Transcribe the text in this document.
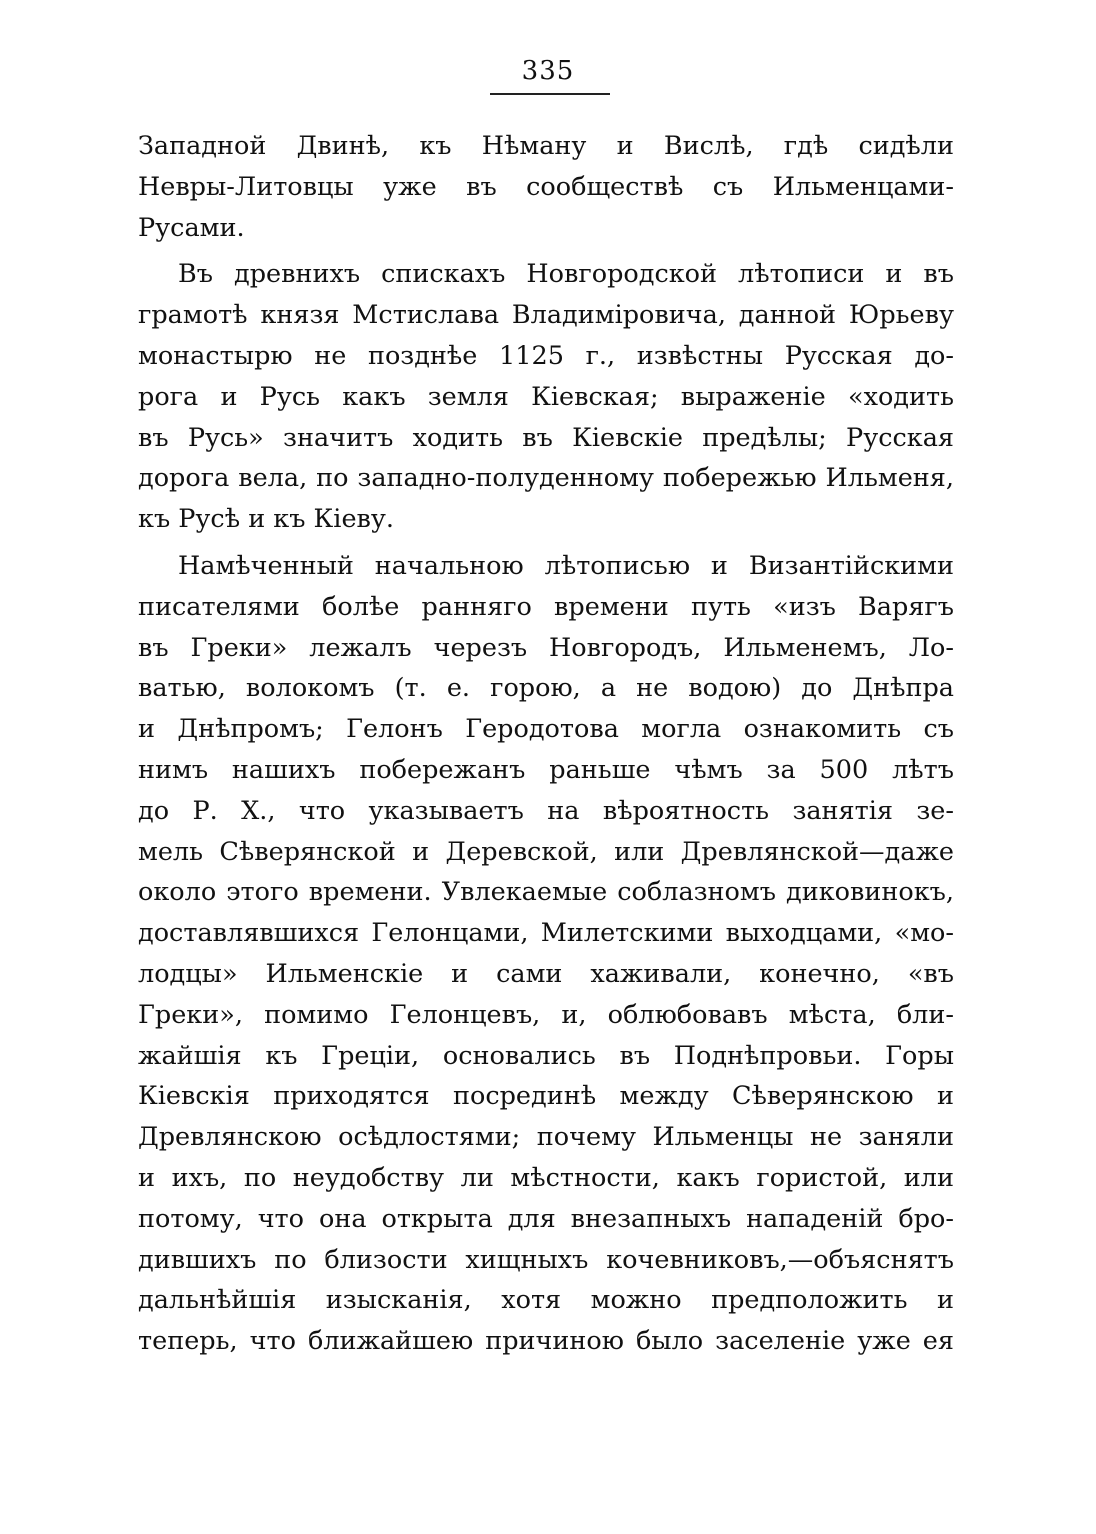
335
Западной Двинѣ, къ Нѣману и Вислѣ, гдѣ сидѣли
Невры-Литовцы уже въ сообществѣ съ Ильменцами-
Русами.
Въ древнихъ спискахъ Новгородской лѣтописи и въ
грамотѣ князя Мстислава Владимiровича, данной Юрьеву
монастырю не позднѣе 1125 г., извѣстны Русская до-
рога и Русь какъ земля Кiевская; выраженiе «ходить
въ Русь» значитъ ходить въ Кiевскiе предѣлы; Русская
дорога вела, по западно-полуденному побережью Ильменя,
къ Русѣ и къ Кiеву.
Намѣченный начальною лѣтописью и Византiйскими
писателями болѣе ранняго времени путь «изъ Варягъ
въ Греки» лежалъ черезъ Новгородъ, Ильменемъ, Ло-
ватью, волокомъ (т. е. горою, а не водою) до Днѣпра
и Днѣпромъ; Гелонъ Геродотова могла ознакомить съ
нимъ нашихъ побережанъ раньше чѣмъ за 500 лѣтъ
до Р. Х., что указываетъ на вѣроятность занятiя зе-
мель Сѣверянской и Деревской, или Древлянской—даже
около этого времени. Увлекаемые соблазномъ диковинокъ,
доставлявшихся Гелонцами, Милетскими выходцами, «мо-
лодцы» Ильменскiе и сами хаживали, конечно, «въ
Греки», помимо Гелонцевъ, и, облюбовавъ мѣста, бли-
жайшiя къ Грецiи, основались въ Поднѣпровьи. Горы
Кiевскiя приходятся посрединѣ между Сѣверянскою и
Древлянскою осѣдлостями; почему Ильменцы не заняли
и ихъ, по неудобству ли мѣстности, какъ гористой, или
потому, что она открыта для внезапныхъ нападенiй бро-
дившихъ по близости хищныхъ кочевниковъ,—объяснятъ
дальнѣйшiя изысканiя, хотя можно предположить и
теперь, что ближайшею причиною было заселенiе уже ея
